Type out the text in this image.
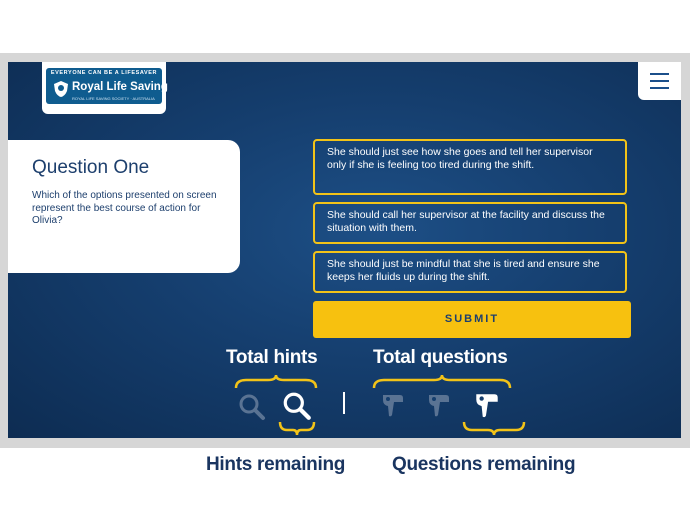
EVERYONE CAN BE A LIFESAVER
Royal Life Saving
ROYAL LIFE SAVING SOCIETY · AUSTRALIA
Question One
Which of the options presented on screen represent the best course of action for Olivia?
She should just see how she goes and tell her supervisor only if she is feeling too tired during the shift.
She should call her supervisor at the facility and discuss the situation with them.
She should just be mindful that she is tired and ensure she keeps her fluids up during the shift.
SUBMIT
Total hints	Total questions
Hints remaining Questions remaining
